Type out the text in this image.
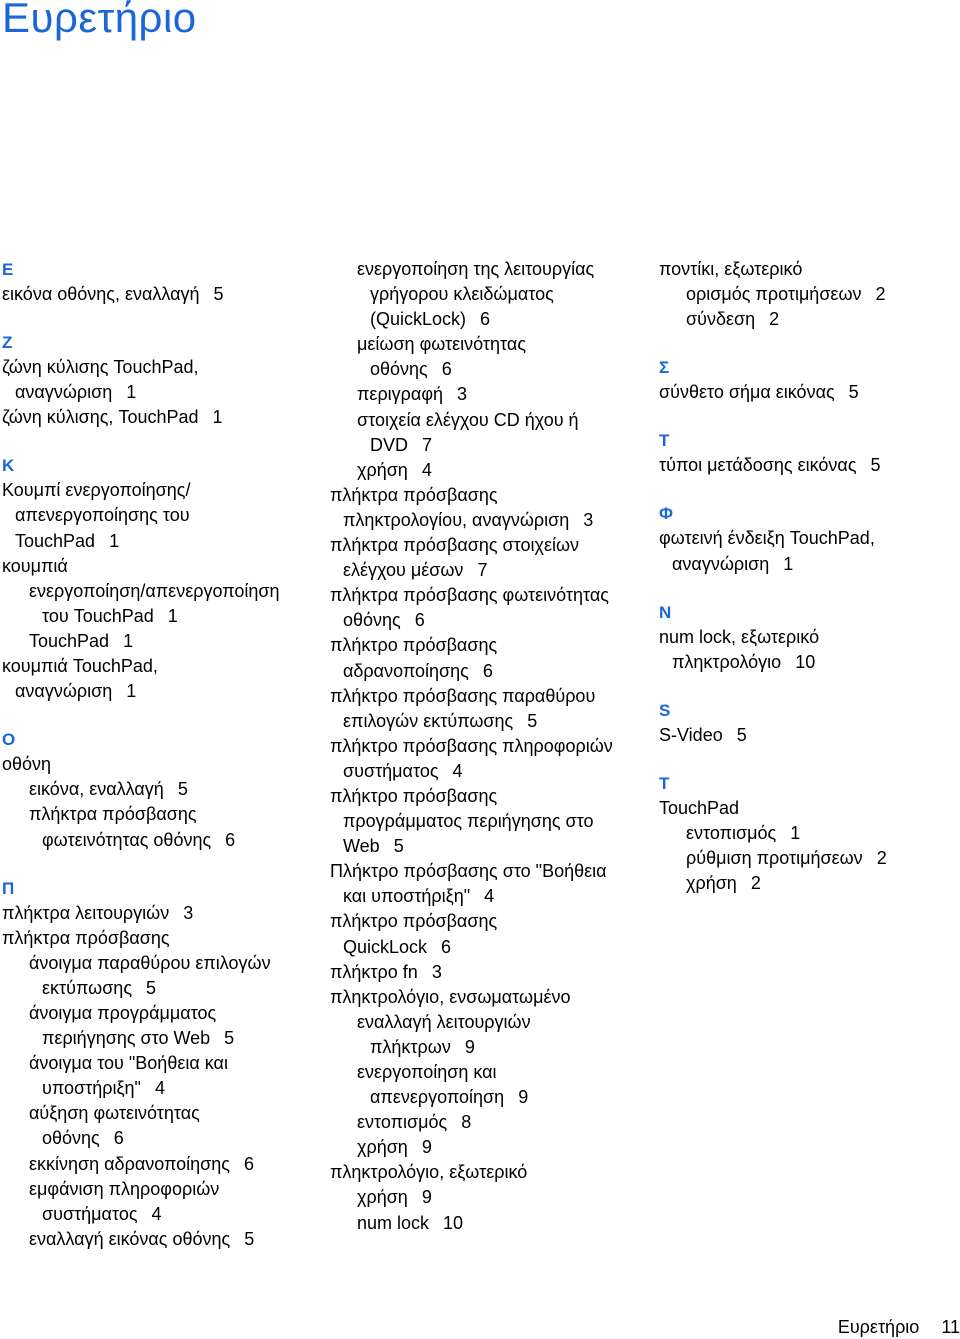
Ευρετήριο
E
εικόνα οθόνης, εναλλαγή 5
Z
ζώνη κύλισης TouchPad,
αναγνώριση 1
ζώνη κύλισης, TouchPad 1
K
Κουμπί ενεργοποίησης/
απενεργοποίησης του
TouchPad 1
κουμπιά
ενεργοποίηση/απενεργοποίηση
του TouchPad 1
TouchPad 1
κουμπιά TouchPad,
αναγνώριση 1
O
οθόνη
εικόνα, εναλλαγή 5
πλήκτρα πρόσβασης
φωτεινότητας οθόνης 6
Π
πλήκτρα λειτουργιών 3
πλήκτρα πρόσβασης
άνοιγμα παραθύρου επιλογών
εκτύπωσης 5
άνοιγμα προγράμματος
περιήγησης στο Web 5
άνοιγμα του "Βοήθεια και
υποστήριξη" 4
αύξηση φωτεινότητας
οθόνης 6
εκκίνηση αδρανοποίησης 6
εμφάνιση πληροφοριών
συστήματος 4
εναλλαγή εικόνας οθόνης 5
ενεργοποίηση της λειτουργίας
γρήγορου κλειδώματος
(QuickLock) 6
μείωση φωτεινότητας
οθόνης 6
περιγραφή 3
στοιχεία ελέγχου CD ήχου ή
DVD 7
χρήση 4
πλήκτρα πρόσβασης
πληκτρολογίου, αναγνώριση 3
πλήκτρα πρόσβασης στοιχείων
ελέγχου μέσων 7
πλήκτρα πρόσβασης φωτεινότητας
οθόνης 6
πλήκτρο πρόσβασης
αδρανοποίησης 6
πλήκτρο πρόσβασης παραθύρου
επιλογών εκτύπωσης 5
πλήκτρο πρόσβασης πληροφοριών
συστήματος 4
πλήκτρο πρόσβασης
προγράμματος περιήγησης στο
Web 5
Πλήκτρο πρόσβασης στο "Βοήθεια
και υποστήριξη" 4
πλήκτρο πρόσβασης
QuickLock 6
πλήκτρο fn 3
πληκτρολόγιο, ενσωματωμένο
εναλλαγή λειτουργιών
πλήκτρων 9
ενεργοποίηση και
απενεργοποίηση 9
εντοπισμός 8
χρήση 9
πληκτρολόγιο, εξωτερικό
χρήση 9
num lock 10
ποντίκι, εξωτερικό
ορισμός προτιμήσεων 2
σύνδεση 2
Σ
σύνθετο σήμα εικόνας 5
T
τύποι μετάδοσης εικόνας 5
Φ
φωτεινή ένδειξη TouchPad,
αναγνώριση 1
N
num lock, εξωτερικό
πληκτρολόγιο 10
S
S-Video 5
T
TouchPad
εντοπισμός 1
ρύθμιση προτιμήσεων 2
χρήση 2
Ευρετήριο 11
